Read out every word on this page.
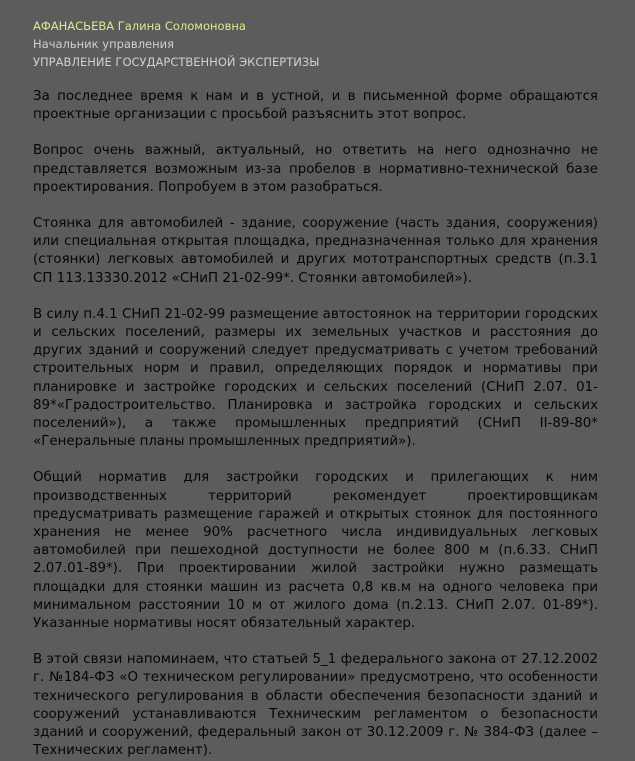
АФАНАСЬЕВА Галина Соломоновна
Начальник управления
УПРАВЛЕНИЕ ГОСУДАРСТВЕННОЙ ЭКСПЕРТИЗЫ

За последнее время к нам и в устной, и в письменной форме обращаются проектные организации с просьбой разъяснить этот вопрос.

Вопрос очень важный, актуальный, но ответить на него однозначно не представляется возможным из-за пробелов в нормативно-технической базе проектирования. Попробуем в этом разобраться.

Стоянка для автомобилей - здание, сооружение (часть здания, сооружения) или специальная открытая площадка, предназначенная только для хранения (стоянки) легковых автомобилей и других мототранспортных средств (п.3.1 СП 113.13330.2012 «СНиП 21-02-99*. Стоянки автомобилей»).

В силу п.4.1 СНиП 21-02-99 размещение автостоянок на территории городских и сельских поселений, размеры их земельных участков и расстояния до других зданий и сооружений следует предусматривать с учетом требований строительных норм и правил, определяющих порядок и нормативы при планировке и застройке городских и сельских поселений (СНиП 2.07. 01-89*«Градостроительство. Планировка и застройка городских и сельских поселений»), а также промышленных предприятий (СНиП II-89-80* «Генеральные планы промышленных предприятий»).

Общий норматив для застройки городских и прилегающих к ним производственных территорий рекомендует проектировщикам предусматривать размещение гаражей и открытых стоянок для постоянного хранения не менее 90% расчетного числа индивидуальных легковых автомобилей при пешеходной доступности не более 800 м (п.6.33. СНиП 2.07.01-89*). При проектировании жилой застройки нужно размещать площадки для стоянки машин из расчета 0,8 кв.м на одного человека при минимальном расстоянии 10 м от жилого дома (п.2.13. СНиП 2.07. 01-89*). Указанные нормативы носят обязательный характер.

В этой связи напоминаем, что статьей 5_1 федерального закона от 27.12.2002 г. №184-ФЗ «О техническом регулировании» предусмотрено, что особенности технического регулирования в области обеспечения безопасности зданий и сооружений устанавливаются Техническим регламентом о безопасности зданий и сооружений, федеральный закон от 30.12.2009 г. № 384-ФЗ (далее – Технических регламент).
